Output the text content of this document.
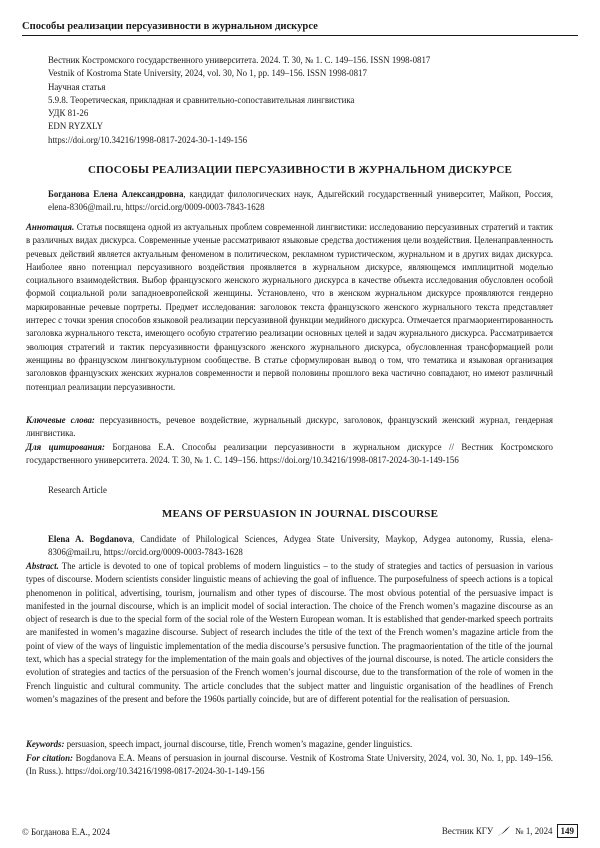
Способы реализации персуазивности в журнальном дискурсе
Вестник Костромского государственного университета. 2024. Т. 30, № 1. С. 149–156. ISSN 1998-0817
Vestnik of Kostroma State University, 2024, vol. 30, No 1, pp. 149–156. ISSN 1998-0817
Научная статья
5.9.8. Теоретическая, прикладная и сравнительно-сопоставительная лингвистика
УДК 81-26
EDN RYZXLY
https://doi.org/10.34216/1998-0817-2024-30-1-149-156
СПОСОБЫ РЕАЛИЗАЦИИ ПЕРСУАЗИВНОСТИ В ЖУРНАЛЬНОМ ДИСКУРСЕ
Богданова Елена Александровна, кандидат филологических наук, Адыгейский государственный университет, Майкоп, Россия, elena-8306@mail.ru, https://orcid.org/0009-0003-7843-1628
Аннотация. Статья посвящена одной из актуальных проблем современной лингвистики: исследованию персуазивных стратегий и тактик в различных видах дискурса. Современные ученые рассматривают языковые средства достижения цели воздействия. Целенаправленность речевых действий является актуальным феноменом в политическом, рекламном туристическом, журнальном и в других видах дискурса. Наиболее явно потенциал персуазивного воздействия проявляется в журнальном дискурсе, являющемся имплицитной моделью социального взаимодействия. Выбор французского женского журнального дискурса в качестве объекта исследования обусловлен особой формой социальной роли западноевропейской женщины. Установлено, что в женском журнальном дискурсе проявляются гендерно маркированные речевые портреты. Предмет исследования: заголовок текста французского женского журнального текста представляет интерес с точки зрения способов языковой реализации персуазивной функции медийного дискурса. Отмечается прагмаориентированность заголовка журнального текста, имеющего особую стратегию реализации основных целей и задач журнального дискурса. Рассматривается эволюция стратегий и тактик персуазивности французского женского журнального дискурса, обусловленная трансформацией роли женщины во французском лингвокультурном сообществе. В статье сформулирован вывод о том, что тематика и языковая организация заголовков французских женских журналов современности и первой половины прошлого века частично совпадают, но имеют различный потенциал реализации персуазивности.
Ключевые слова: персуазивность, речевое воздействие, журнальный дискурс, заголовок, французский женский журнал, гендерная лингвистика.
Для цитирования: Богданова Е.А. Способы реализации персуазивности в журнальном дискурсе // Вестник Костромского государственного университета. 2024. Т. 30, № 1. С. 149–156. https://doi.org/10.34216/1998-0817-2024-30-1-149-156
Research Article
MEANS OF PERSUASION IN JOURNAL DISCOURSE
Elena A. Bogdanova, Candidate of Philological Sciences, Adygea State University, Maykop, Adygea autonomy, Russia, elena-8306@mail.ru, https://orcid.org/0009-0003-7843-1628
Abstract. The article is devoted to one of topical problems of modern linguistics – to the study of strategies and tactics of persuasion in various types of discourse. Modern scientists consider linguistic means of achieving the goal of influence. The purposefulness of speech actions is a topical phenomenon in political, advertising, tourism, journalism and other types of discourse. The most obvious potential of the persuasive impact is manifested in the journal discourse, which is an implicit model of social interaction. The choice of the French women’s magazine discourse as an object of research is due to the special form of the social role of the Western European woman. It is established that gender-marked speech portraits are manifested in women’s magazine discourse. Subject of research includes the title of the text of the French women’s magazine article from the point of view of the ways of linguistic implementation of the media discourse’s persusive function. The pragmaorientation of the title of the journal text, which has a special strategy for the implementation of the main goals and objectives of the journal discourse, is noted. The article considers the evolution of strategies and tactics of the persuasion of the French women’s journal discourse, due to the transformation of the role of women in the French linguistic and cultural community. The article concludes that the subject matter and linguistic organisation of the headlines of French women’s magazines of the present and before the 1960s partially coincide, but are of different potential for the realisation of persuasion.
Keywords: persuasion, speech impact, journal discourse, title, French women’s magazine, gender linguistics.
For citation: Bogdanova E.A. Means of persuasion in journal discourse. Vestnik of Kostroma State University, 2024, vol. 30, No. 1, pp. 149–156. (In Russ.). https://doi.org/10.34216/1998-0817-2024-30-1-149-156
© Богданова Е.А., 2024	Вестник КГУ № 1, 2024 149
